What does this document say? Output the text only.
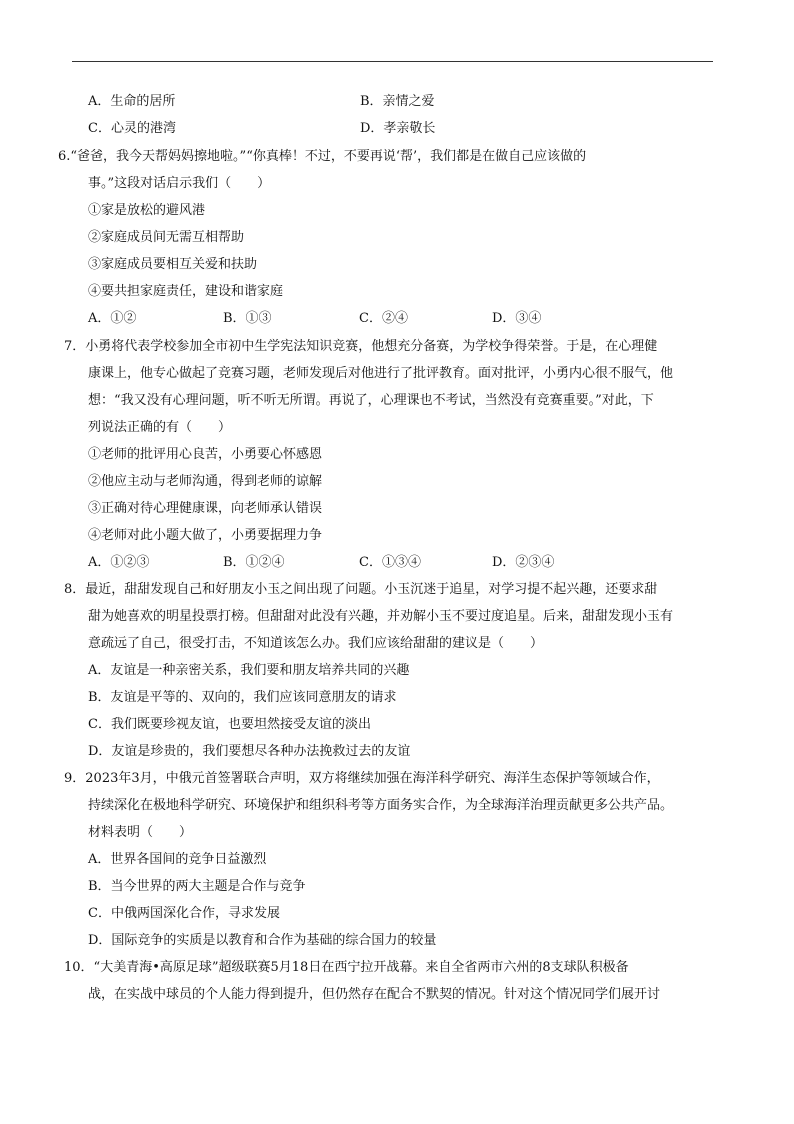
A．生命的居所	B．亲情之爱
C．心灵的港湾	D．孝亲敬长
6.“爸爸，我今天帮妈妈擦地啦。”“你真棒！不过，不要再说‘帮’，我们都是在做自己应该做的
事。”这段对话启示我们（　　）
①家是放松的避风港
②家庭成员间无需互相帮助
③家庭成员要相互关爱和扶助
④要共担家庭责任，建设和谐家庭
A．①②	B．①③	C．②④	D．③④
7．小勇将代表学校参加全市初中生学宪法知识竞赛，他想充分备赛，为学校争得荣誉。于是，在心理健
康课上，他专心做起了竞赛习题，老师发现后对他进行了批评教育。面对批评，小勇内心很不服气，他
想：“我又没有心理问题，听不听无所谓。再说了，心理课也不考试，当然没有竞赛重要。”对此，下
列说法正确的有（　　）
①老师的批评用心良苦，小勇要心怀感恩
②他应主动与老师沟通，得到老师的谅解
③正确对待心理健康课，向老师承认错误
④老师对此小题大做了，小勇要据理力争
A．①②③	B．①②④	C．①③④	D．②③④
8．最近，甜甜发现自己和好朋友小玉之间出现了问题。小玉沉迷于追星，对学习提不起兴趣，还要求甜
甜为她喜欢的明星投票打榜。但甜甜对此没有兴趣，并劝解小玉不要过度追星。后来，甜甜发现小玉有
意疏远了自己，很受打击，不知道该怎么办。我们应该给甜甜的建议是（　　）
A．友谊是一种亲密关系，我们要和朋友培养共同的兴趣
B．友谊是平等的、双向的，我们应该同意朋友的请求
C．我们既要珍视友谊，也要坦然接受友谊的淡出
D．友谊是珍贵的，我们要想尽各种办法挽救过去的友谊
9．2023年3月，中俄元首签署联合声明，双方将继续加强在海洋科学研究、海洋生态保护等领域合作，
持续深化在极地科学研究、环境保护和组织科考等方面务实合作，为全球海洋治理贡献更多公共产品。
材料表明（　　）
A．世界各国间的竞争日益激烈
B．当今世界的两大主题是合作与竞争
C．中俄两国深化合作，寻求发展
D．国际竞争的实质是以教育和合作为基础的综合国力的较量
10．“大美青海•高原足球”超级联赛5月18日在西宁拉开战幕。来自全省两市六州的8支球队积极备
战，在实战中球员的个人能力得到提升，但仍然存在配合不默契的情况。针对这个情况同学们展开讨
